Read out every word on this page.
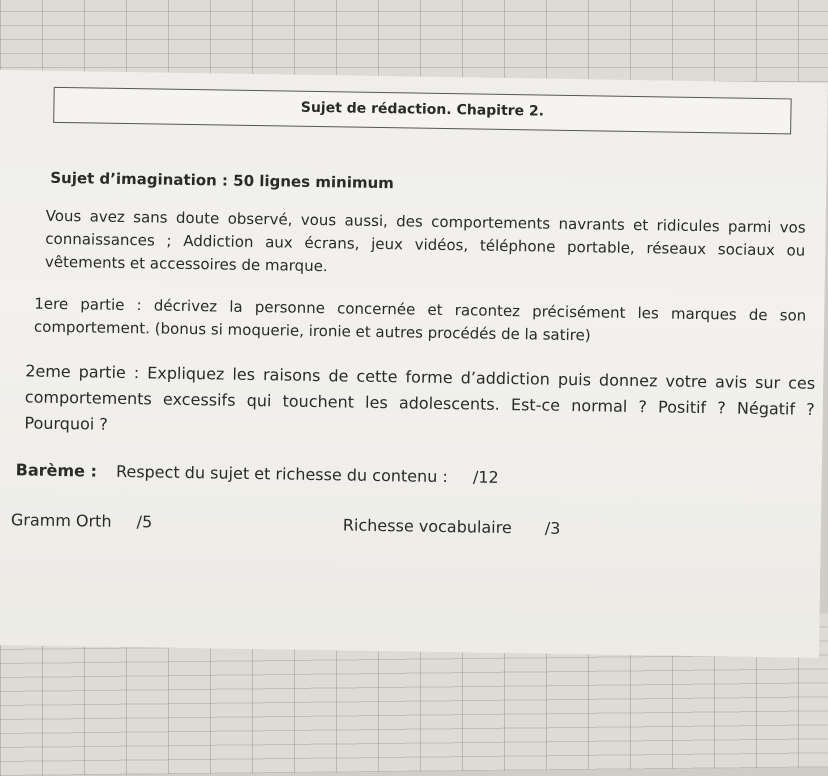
Sujet de rédaction. Chapitre 2.
Sujet d’imagination : 50 lignes minimum
Vous avez sans doute observé, vous aussi, des comportements navrants et ridicules parmi vos connaissances ; Addiction aux écrans, jeux vidéos, téléphone portable, réseaux sociaux ou vêtements et accessoires de marque.
1ere partie : décrivez la personne concernée et racontez précisément les marques de son comportement. (bonus si moquerie, ironie et autres procédés de la satire)
2eme partie : Expliquez les raisons de cette forme d’addiction puis donnez votre avis sur ces comportements excessifs qui touchent les adolescents. Est-ce normal ? Positif ? Négatif ? Pourquoi ?
Barème : Respect du sujet et richesse du contenu : /12
Gramm Orth /5	Richesse vocabulaire /3
